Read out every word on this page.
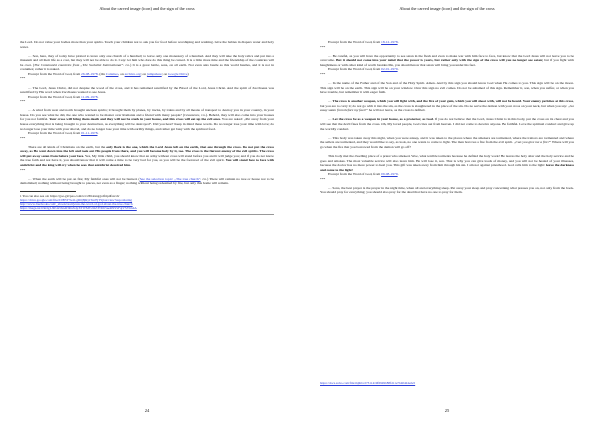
About the carved image (icon) and the sign of the cross

the Lord. Do not value your bodies more than your spirits. Teach your children not to ask you for food before worshiping and washing. Give the babies in diapers water and holy water.

… Son, here, they of today have plotted to leave only one church of a hundred; to leave only one monastery of a hundred. And they will take the holy relics and put into a museum and all their life as a cost, but they will not be able to do it. I say: let him who dare do this thing be cursed. It is a little more time and the friendship of the countries will be over. (The Communist countries from „The Socialist International”. r.n.) It is a great battle, sons, on all earth. Not even ants bustle as this world hustles, and it is not in costumes; rather it is naked.

Excerpt from the Word of God, from 26-08-1978. (On Calameo, on archive.org; on jumpshare; on Google Drive)

***

… The Lord, Jesus Christ, did not despise the wood of the cross, and it has remained sanctified by the Blood of the Lord, Jesus Christ. And the spirit of Zacchaeus was sanctified by His word when Zacchaeus wanted to see Jesus.

Excerpt from the Word of God, from 11-09-1978.

***

… A wind from west and north brought unclean spirits; it brought them by planes, by tracks, by trains and by all means of transport to destroy you in your country, in your house. Do you see what he did, the one who wanted to be master over Romania and a friend with many people? (Ceausescu, r.n.). Behold, they will also come into your houses for you not faithful. Your cross will bring them death and they will not be stuck in your house, and this cross will eat up the evil ones. You are asked: „Put away from your house everything that is being brought to your destruction, as everything will be destroyed”. Did you hear? Keep in mind these words. Do no longer lose your time with love; do no longer lose your time with your shovel, and do no longer lose your time with earthly things, and rather get busy with the spiritual food.

Excerpt from the Word of God, from 01-11-1978.

***

There are all kinds of Christians on the earth, but the only flock is the one, which the Lord Jesus left on the earth, that one through the cross. Do not put the cross away, as He went down into the left and took out His people from there, and you will become holy by it, too. The cross is the fiercest enemy of the evil spirits. The cross will put away satan from before your face. Yes, My little child, you should know that an army without cross will stand before you and it will judge you; and if you do not know the true faith and not have it, you should know that it will come a time to be very bad for you, as you will be the footstool of the evil spirit. You will stand face to face with antichrist and the king will cry when he sees that antichrist deceived him.

***

… When the earth will be put on fire; My faithful ones will not be burned. (See the selection topic: „The true church”. r.n.) There will remain no tree or house not to be demolished; nothing without being brought to pieces, not even as a finger; nothing without being redeemed by fire, but only this home will remain.

1 You can also see on: https://goo.gl/cpao.com/x/c/2654/eng/pdfcipdfsw/dv

https://drive.google.com/file/d/0B5Y3wO-gR6j8jRj1TwrEjTSjbA/view?usp=sharing

http://www.freebooks.com/_ebook/read/jesus-the-word-of-god-about-the-true-church

https://mega.nz/#!kOgLJR!4z5hGR3RnX4yXTWMV2OZ/EX0t5ueRNSSFqlVSYfm4A

24
About the carved image (icon) and the sign of the cross

Excerpt from the Word of God, from 18-12-1978.

***

… Be careful, as you will have the opportunity to see satan in the flesh and even to make war with him face to face, but know that the Lord Jesus will not leave you to be overcome. But it should not come into your mind that the power is yours, but rather only with the sign of the cross will you no longer see satan; but if you fight with haughtiness or with other kind of worth besides Me, you should know that satan will bring you under his feet.

Excerpt from the Word of God, from 02-01-1979.

***

… In the name of the Father and of the Son and of the Holy Spirit. Amen. And by this sign you should know God when He comes to you. This sign will be on the moon. This sign will be on the earth. This sign will be on your window. Over this sign no evil comes. Do not be ashamed of this sign. Remember it, son, when you suffer, or when you have trouble, but remember it with eager faith.

… The cross is another weapon, which you will fight with, and the five of your gain, which you will shoot with, will not be heard. Your enemy perishes at this cross, but you are to carry it; do not go with it into the sin, as the cross is slaughtered in the place of the sin. Do no serve the demon with your cross on your neck, but when you say: „Go away satan from before my face!” he will not leave, as the cross is defiled.

… Let the cross be as a weapon in your house, as a protector, as God. If you do not believe that the Lord, Jesus Christ is in this body, put the cross on its chest and you will see that the devil flees from the cross. Oh, My loved people, God cries out from heaven. I did not come to deceive anyone. Be faithful. Love the spiritual conduct and give up the worldly conduct.

… This body was taken away this night, when you were asleep, and it was taken to the places where the smokers are tormented, where the traitors are tormented and where the sellers are tormented, and they would like to say, as look, no one wants to come to light. The man borrows a fire from the evil spirit. „Can you give me a fire?” Where will you go when the fire that you borrowed from the demon will go off?

This body met the dwelling place of a priest who smoked. Woe, what terrible torments because he defiled the holy work! He leaves the holy altar and the holy service and he goes and smokes. The most valuable service will also leave him. He will lose it, son. That is why you can give loads of money, and you will not be healed of your illnesses, because the doctor has no more power to heal you. This gift was taken away from him through his sin. I am not against priesthood. God calls him to the light: leave the darkness and come to the light!

Excerpt from the Word of God, from 09-08-1979.

***

… Sons, the best prayer is the prayer in the night time, when all and everything sleep. Put away your sleep and pray concerning what presses you on, not only from the book. You should pray for everything; you should also pray for the dead that have no one to pray for them.

https://docs.zoho.com/file/mjthbc27311419f6949b88fd11e7b40424e2e5
25
